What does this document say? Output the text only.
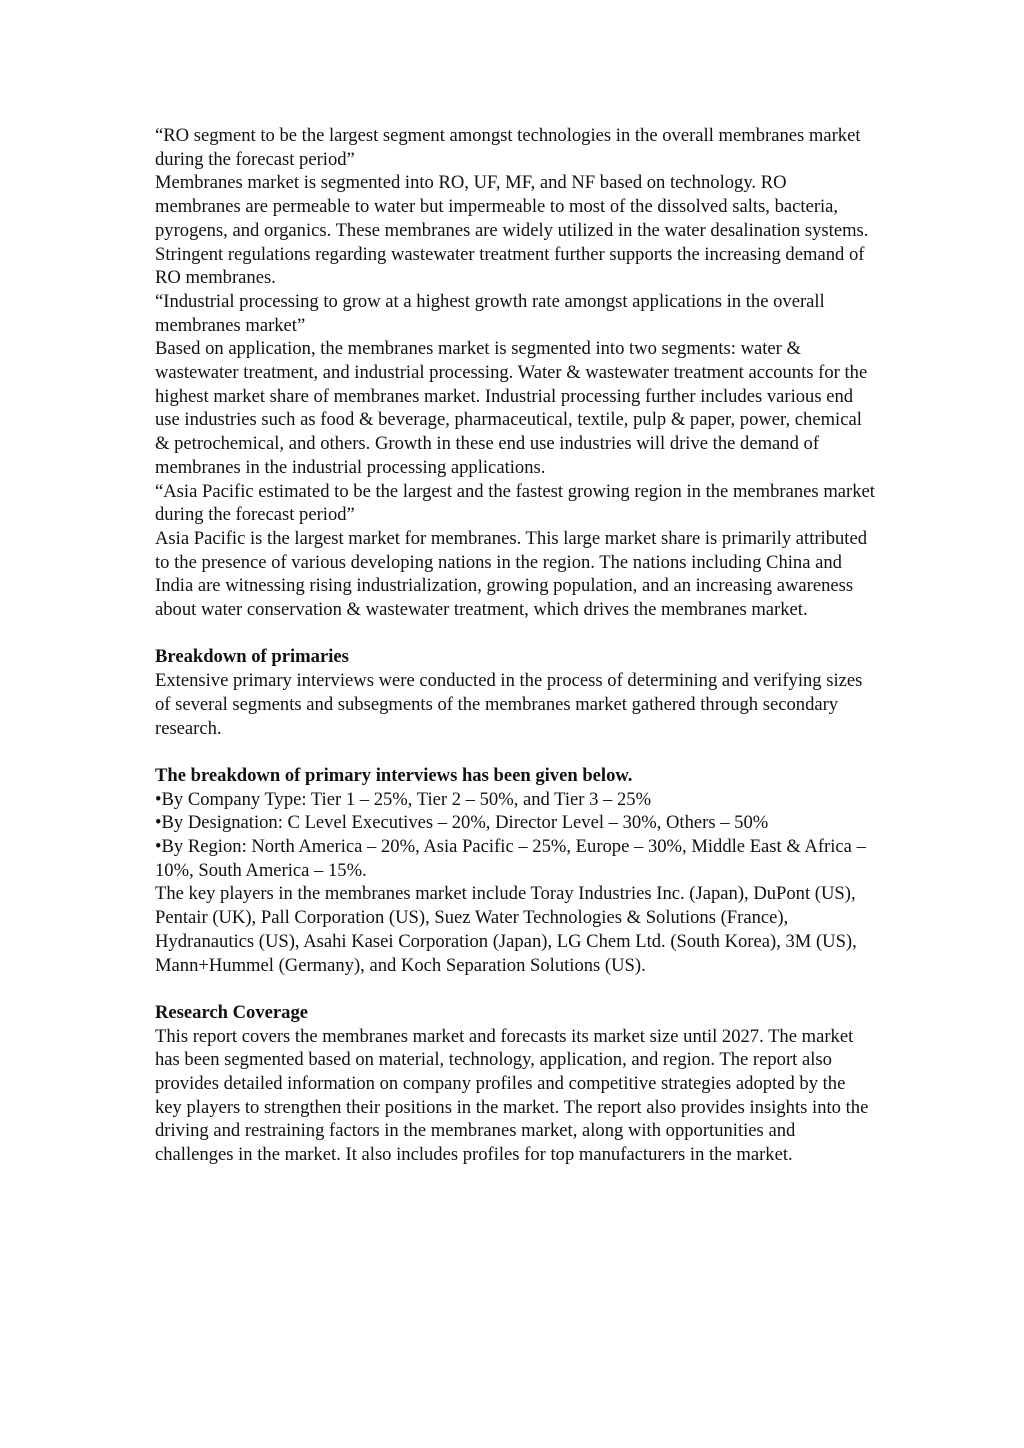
“RO segment to be the largest segment amongst technologies in the overall membranes market during the forecast period”

Membranes market is segmented into RO, UF, MF, and NF based on technology. RO membranes are permeable to water but impermeable to most of the dissolved salts, bacteria, pyrogens, and organics. These membranes are widely utilized in the water desalination systems. Stringent regulations regarding wastewater treatment further supports the increasing demand of RO membranes.

“Industrial processing to grow at a highest growth rate amongst applications in the overall membranes market”

Based on application, the membranes market is segmented into two segments: water & wastewater treatment, and industrial processing. Water & wastewater treatment accounts for the highest market share of membranes market. Industrial processing further includes various end use industries such as food & beverage, pharmaceutical, textile, pulp & paper, power, chemical & petrochemical, and others. Growth in these end use industries will drive the demand of membranes in the industrial processing applications.

“Asia Pacific estimated to be the largest and the fastest growing region in the membranes market during the forecast period”

Asia Pacific is the largest market for membranes. This large market share is primarily attributed to the presence of various developing nations in the region. The nations including China and India are witnessing rising industrialization, growing population, and an increasing awareness about water conservation & wastewater treatment, which drives the membranes market.

Breakdown of primaries

Extensive primary interviews were conducted in the process of determining and verifying sizes of several segments and subsegments of the membranes market gathered through secondary research.

The breakdown of primary interviews has been given below.

•By Company Type: Tier 1 – 25%, Tier 2 – 50%, and Tier 3 – 25%

•By Designation: C Level Executives – 20%, Director Level – 30%, Others – 50%

•By Region: North America – 20%, Asia Pacific – 25%, Europe – 30%, Middle East & Africa – 10%, South America – 15%.

The key players in the membranes market include Toray Industries Inc. (Japan), DuPont (US), Pentair (UK), Pall Corporation (US), Suez Water Technologies & Solutions (France), Hydranautics (US), Asahi Kasei Corporation (Japan), LG Chem Ltd. (South Korea), 3M (US), Mann+Hummel (Germany), and Koch Separation Solutions (US).

Research Coverage

This report covers the membranes market and forecasts its market size until 2027. The market has been segmented based on material, technology, application, and region. The report also provides detailed information on company profiles and competitive strategies adopted by the key players to strengthen their positions in the market. The report also provides insights into the driving and restraining factors in the membranes market, along with opportunities and challenges in the market. It also includes profiles for top manufacturers in the market.
